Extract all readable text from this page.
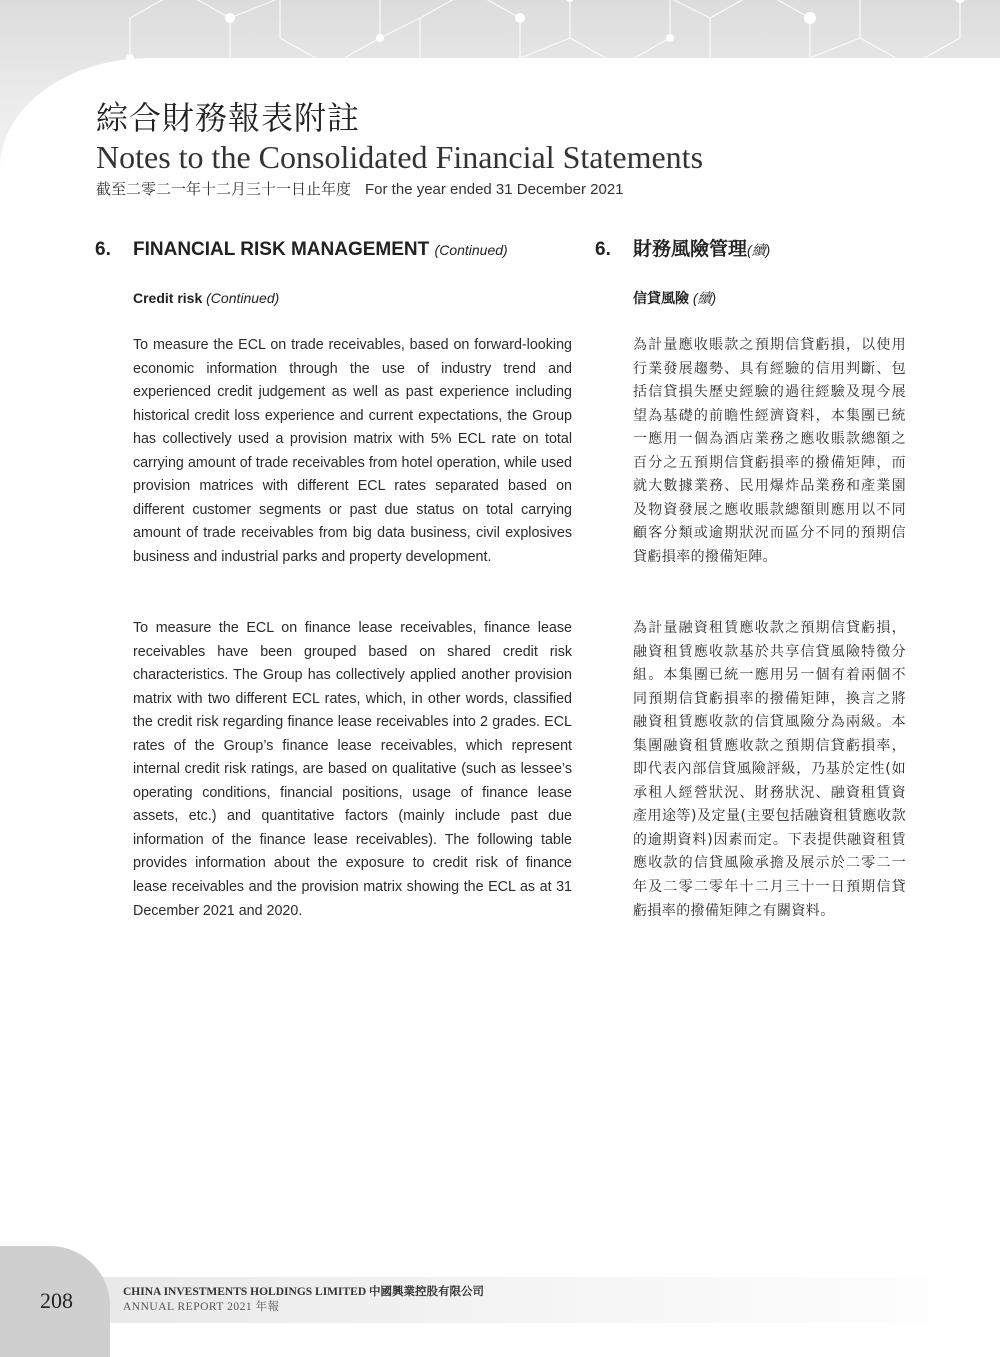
綜合財務報表附註
Notes to the Consolidated Financial Statements
截至二零二一年十二月三十一日止年度 For the year ended 31 December 2021
6. FINANCIAL RISK MANAGEMENT (Continued)
Credit risk (Continued)

To measure the ECL on trade receivables, based on forward-looking economic information through the use of industry trend and experienced credit judgement as well as past experience including historical credit loss experience and current expectations, the Group has collectively used a provision matrix with 5% ECL rate on total carrying amount of trade receivables from hotel operation, while used provision matrices with different ECL rates separated based on different customer segments or past due status on total carrying amount of trade receivables from big data business, civil explosives business and industrial parks and property development.

To measure the ECL on finance lease receivables, finance lease receivables have been grouped based on shared credit risk characteristics. The Group has collectively applied another provision matrix with two different ECL rates, which, in other words, classified the credit risk regarding finance lease receivables into 2 grades. ECL rates of the Group’s finance lease receivables, which represent internal credit risk ratings, are based on qualitative (such as lessee’s operating conditions, financial positions, usage of finance lease assets, etc.) and quantitative factors (mainly include past due information of the finance lease receivables). The following table provides information about the exposure to credit risk of finance lease receivables and the provision matrix showing the ECL as at 31 December 2021 and 2020.

6. 財務風險管理(續)
信貸風險 (續)

為計量應收賬款之預期信貸虧損，以使用行業發展趨勢、具有經驗的信用判斷、包括信貸損失歷史經驗的過往經驗及現今展望為基礎的前瞻性經濟資料，本集團已統一應用一個為酒店業務之應收賬款總額之百分之五預期信貸虧損率的撥備矩陣，而就大數據業務、民用爆炸品業務和產業園及物資發展之應收賬款總額則應用以不同顧客分類或逾期狀況而區分不同的預期信貸虧損率的撥備矩陣。

為計量融資租賃應收款之預期信貸虧損，融資租賃應收款基於共享信貸風險特徵分組。本集團已統一應用另一個有着兩個不同預期信貸虧損率的撥備矩陣，換言之將融資租賃應收款的信貸風險分為兩級。本集團融資租賃應收款之預期信貸虧損率，即代表內部信貸風險評級，乃基於定性(如承租人經營狀況、財務狀況、融資租賃資產用途等)及定量(主要包括融資租賃應收款的逾期資料)因素而定。下表提供融資租賃應收款的信貸風險承擔及展示於二零二一年及二零二零年十二月三十一日預期信貸虧損率的撥備矩陣之有關資料。

208	CHINA INVESTMENTS HOLDINGS LIMITED 中國興業控股有限公司
ANNUAL REPORT 2021 年報
